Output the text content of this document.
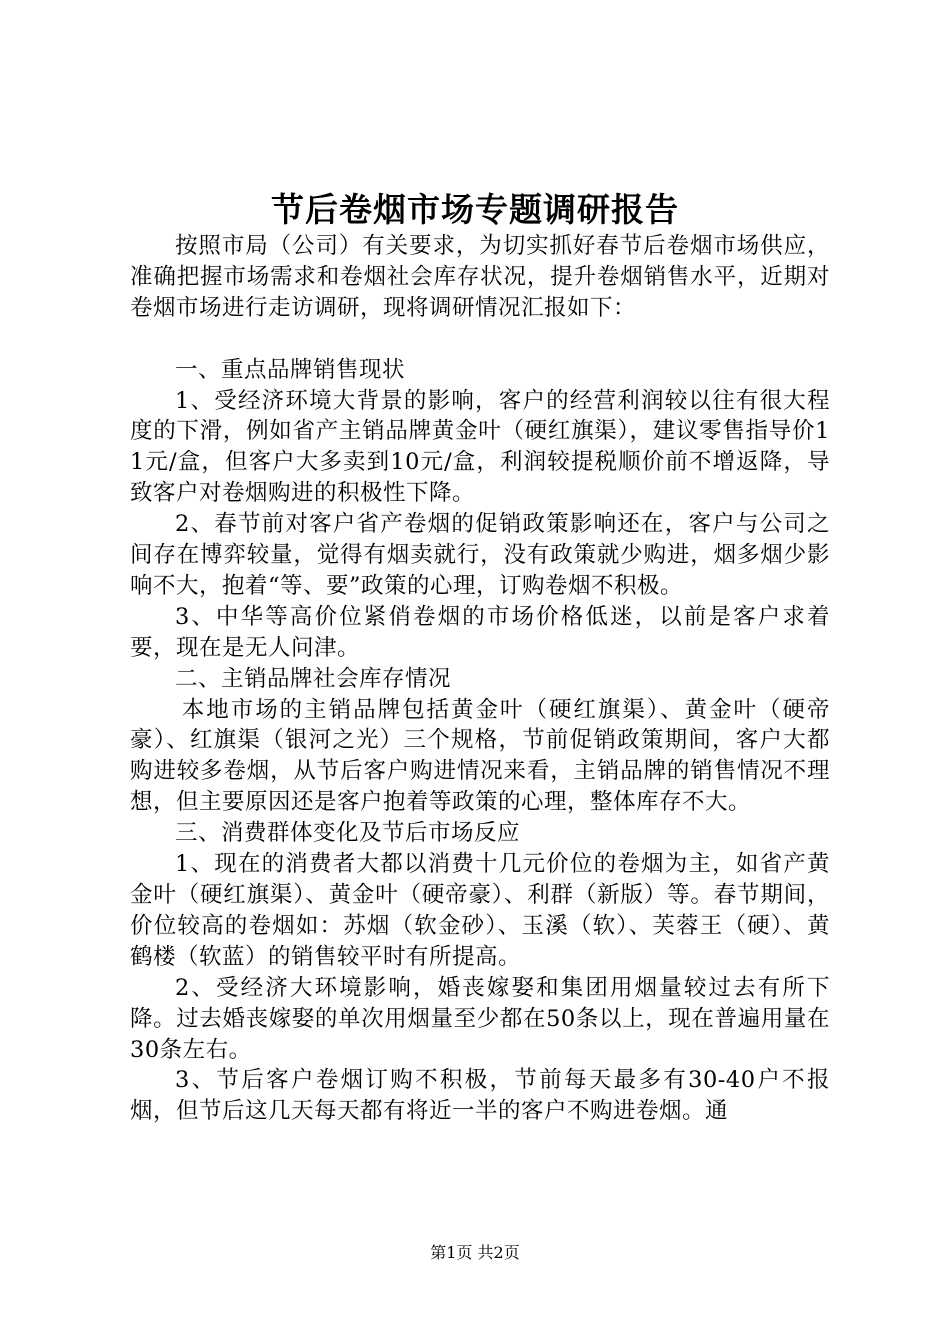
节后卷烟市场专题调研报告

按照市局（公司）有关要求，为切实抓好春节后卷烟市场供应，准确把握市场需求和卷烟社会库存状况，提升卷烟销售水平，近期对卷烟市场进行走访调研，现将调研情况汇报如下：

一、重点品牌销售现状

1、受经济环境大背景的影响，客户的经营利润较以往有很大程度的下滑，例如省产主销品牌黄金叶（硬红旗渠），建议零售指导价11元/盒，但客户大多卖到10元/盒，利润较提税顺价前不增返降，导致客户对卷烟购进的积极性下降。

2、春节前对客户省产卷烟的促销政策影响还在，客户与公司之间存在博弈较量，觉得有烟卖就行，没有政策就少购进，烟多烟少影响不大，抱着“等、要”政策的心理，订购卷烟不积极。

3、中华等高价位紧俏卷烟的市场价格低迷，以前是客户求着要，现在是无人问津。

二、主销品牌社会库存情况

本地市场的主销品牌包括黄金叶（硬红旗渠）、黄金叶（硬帝豪）、红旗渠（银河之光）三个规格，节前促销政策期间，客户大都购进较多卷烟，从节后客户购进情况来看，主销品牌的销售情况不理想，但主要原因还是客户抱着等政策的心理，整体库存不大。

三、消费群体变化及节后市场反应

1、现在的消费者大都以消费十几元价位的卷烟为主，如省产黄金叶（硬红旗渠）、黄金叶（硬帝豪）、利群（新版）等。春节期间，价位较高的卷烟如：苏烟（软金砂）、玉溪（软）、芙蓉王（硬）、黄鹤楼（软蓝）的销售较平时有所提高。

2、受经济大环境影响，婚丧嫁娶和集团用烟量较过去有所下降。过去婚丧嫁娶的单次用烟量至少都在50条以上，现在普遍用量在30条左右。

3、节后客户卷烟订购不积极，节前每天最多有30-40户不报烟，但节后这几天每天都有将近一半的客户不购进卷烟。通

第1页 共2页
